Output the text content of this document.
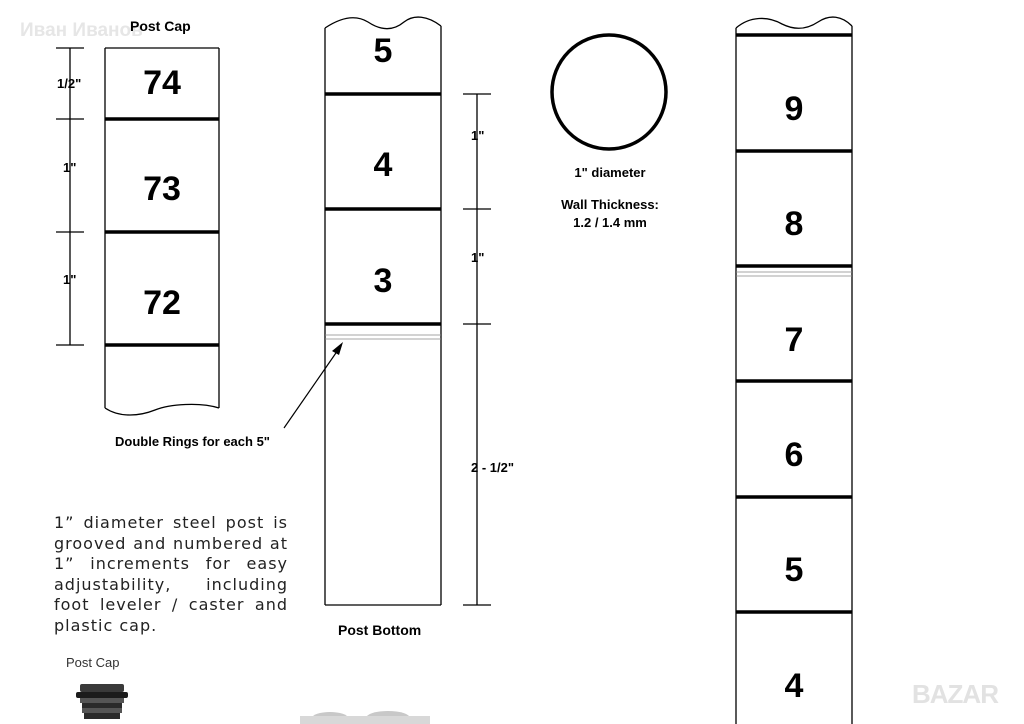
Иван Иванов
BAZAR
Post Cap
74
73
72
1/2"
1"
1"
5
4
3
1"
1"
2 - 1/2"
Post Bottom
Double Rings for each 5"
1" diameter
Wall Thickness:
1.2 / 1.4 mm
9
8
7
6
5
4
1” diameter steel post is grooved and numbered at 1” increments for easy adjustability, including foot leveler / caster and plastic cap.
Post Cap
